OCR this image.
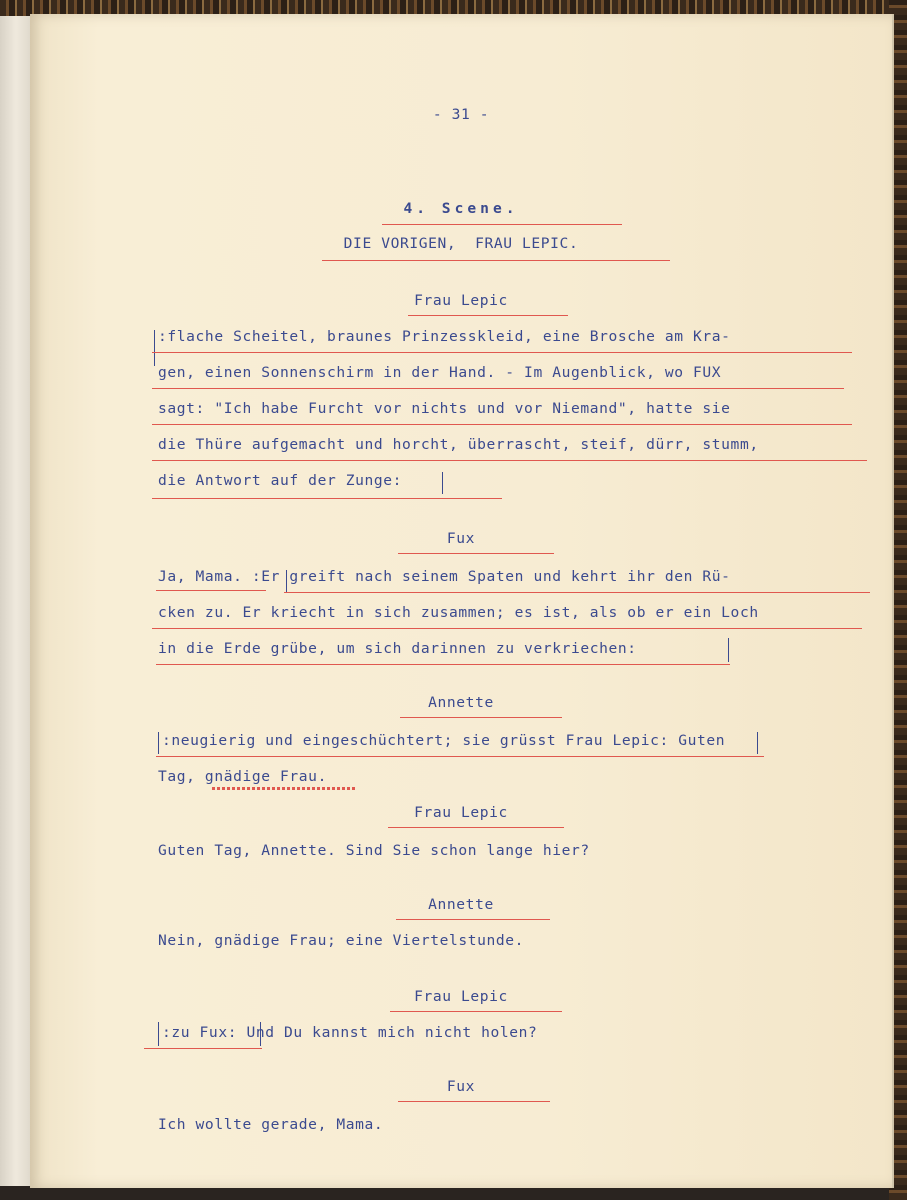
- 31 -
4. Scene.
DIE VORIGEN,  FRAU LEPIC.
Frau Lepic
:flache Scheitel, braunes Prinzesskleid, eine Brosche am Kra-
gen, einen Sonnenschirm in der Hand. - Im Augenblick, wo FUX
sagt: "Ich habe Furcht vor nichts und vor Niemand", hatte sie
die Thüre aufgemacht und horcht, überrascht, steif, dürr, stumm,
die Antwort auf der Zunge:
Fux
Ja, Mama. :Er greift nach seinem Spaten und kehrt ihr den Rü-
cken zu. Er kriecht in sich zusammen; es ist, als ob er ein Loch
in die Erde grübe, um sich darinnen zu verkriechen:
Annette
:neugierig und eingeschüchtert; sie grüsst Frau Lepic: Guten
Tag, gnädige Frau.
Frau Lepic
Guten Tag, Annette. Sind Sie schon lange hier?
Annette
Nein, gnädige Frau; eine Viertelstunde.
Frau Lepic
:zu Fux: Und Du kannst mich nicht holen?
Fux
Ich wollte gerade, Mama.
